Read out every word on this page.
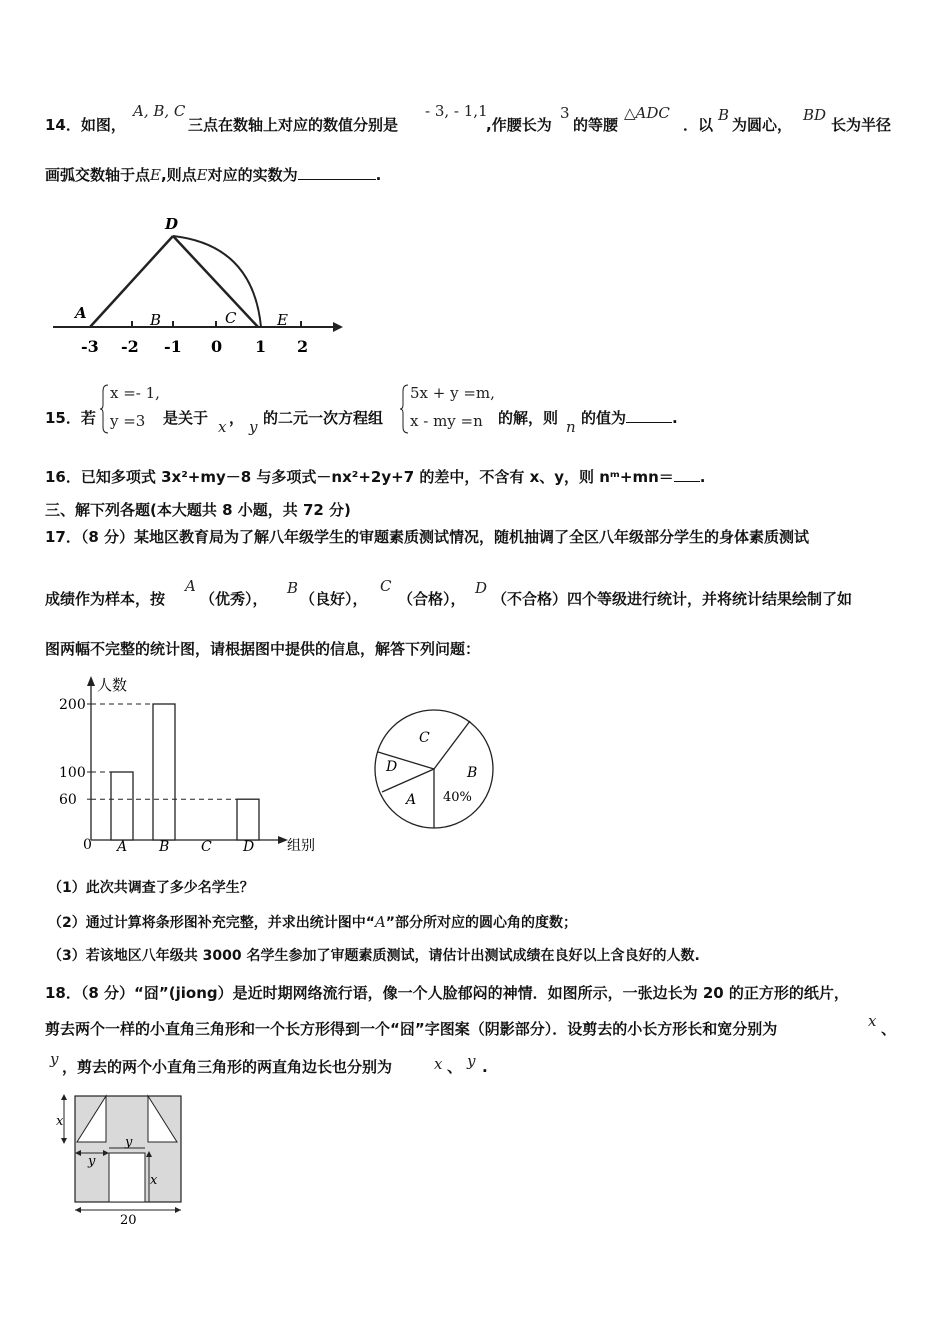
14．如图，
A, B, C
三点在数轴上对应的数值分别是
- 3, - 1,1
,作腰长为
3
的等腰
△ADC
．以
B
为圆心，
BD
长为半径
画弧交数轴于点E,则点E对应的实数为	.
A	B	C
D
E
-3 -2 -1 0 1 2
15．若
x =- 1,
y =3 是关于 x ， y 的二元一次方程组
5x + y =m,
x - my =n 的解，则 n 的值为	.
16．已知多项式 3x²+my－8 与多项式－nx²+2y+7 的差中，不含有 x、y，则 nᵐ+mn＝ .
三、解下列各题(本大题共 8 小题，共 72 分)
17．（8 分）某地区教育局为了解八年级学生的审题素质测试情况，随机抽调了全区八年级部分学生的身体素质测试
成绩作为样本，按
A
（优秀），
B
（良好），
C
（合格），
D
（不合格）四个等级进行统计，并将统计结果绘制了如
图两幅不完整的统计图，请根据图中提供的信息，解答下列问题：
人数
组别
0 A B C D
60
100
200
C
D
A
B
40%
（1）此次共调查了多少名学生？
（2）通过计算将条形图补充完整，并求出统计图中“A”部分所对应的圆心角的度数；
（3）若该地区八年级共 3000 名学生参加了审题素质测试，请估计出测试成绩在良好以上含良好的人数.
18．（8 分）“囧”(jiong）是近时期网络流行语，像一个人脸郁闷的神情．如图所示，一张边长为 20 的正方形的纸片，
剪去两个一样的小直角三角形和一个长方形得到一个“囧”字图案（阴影部分）．设剪去的小长方形长和宽分别为	x 、
y ，剪去的两个小直角三角形的两直角边长也分别为	x 、 y .
x
y
y
x
20
